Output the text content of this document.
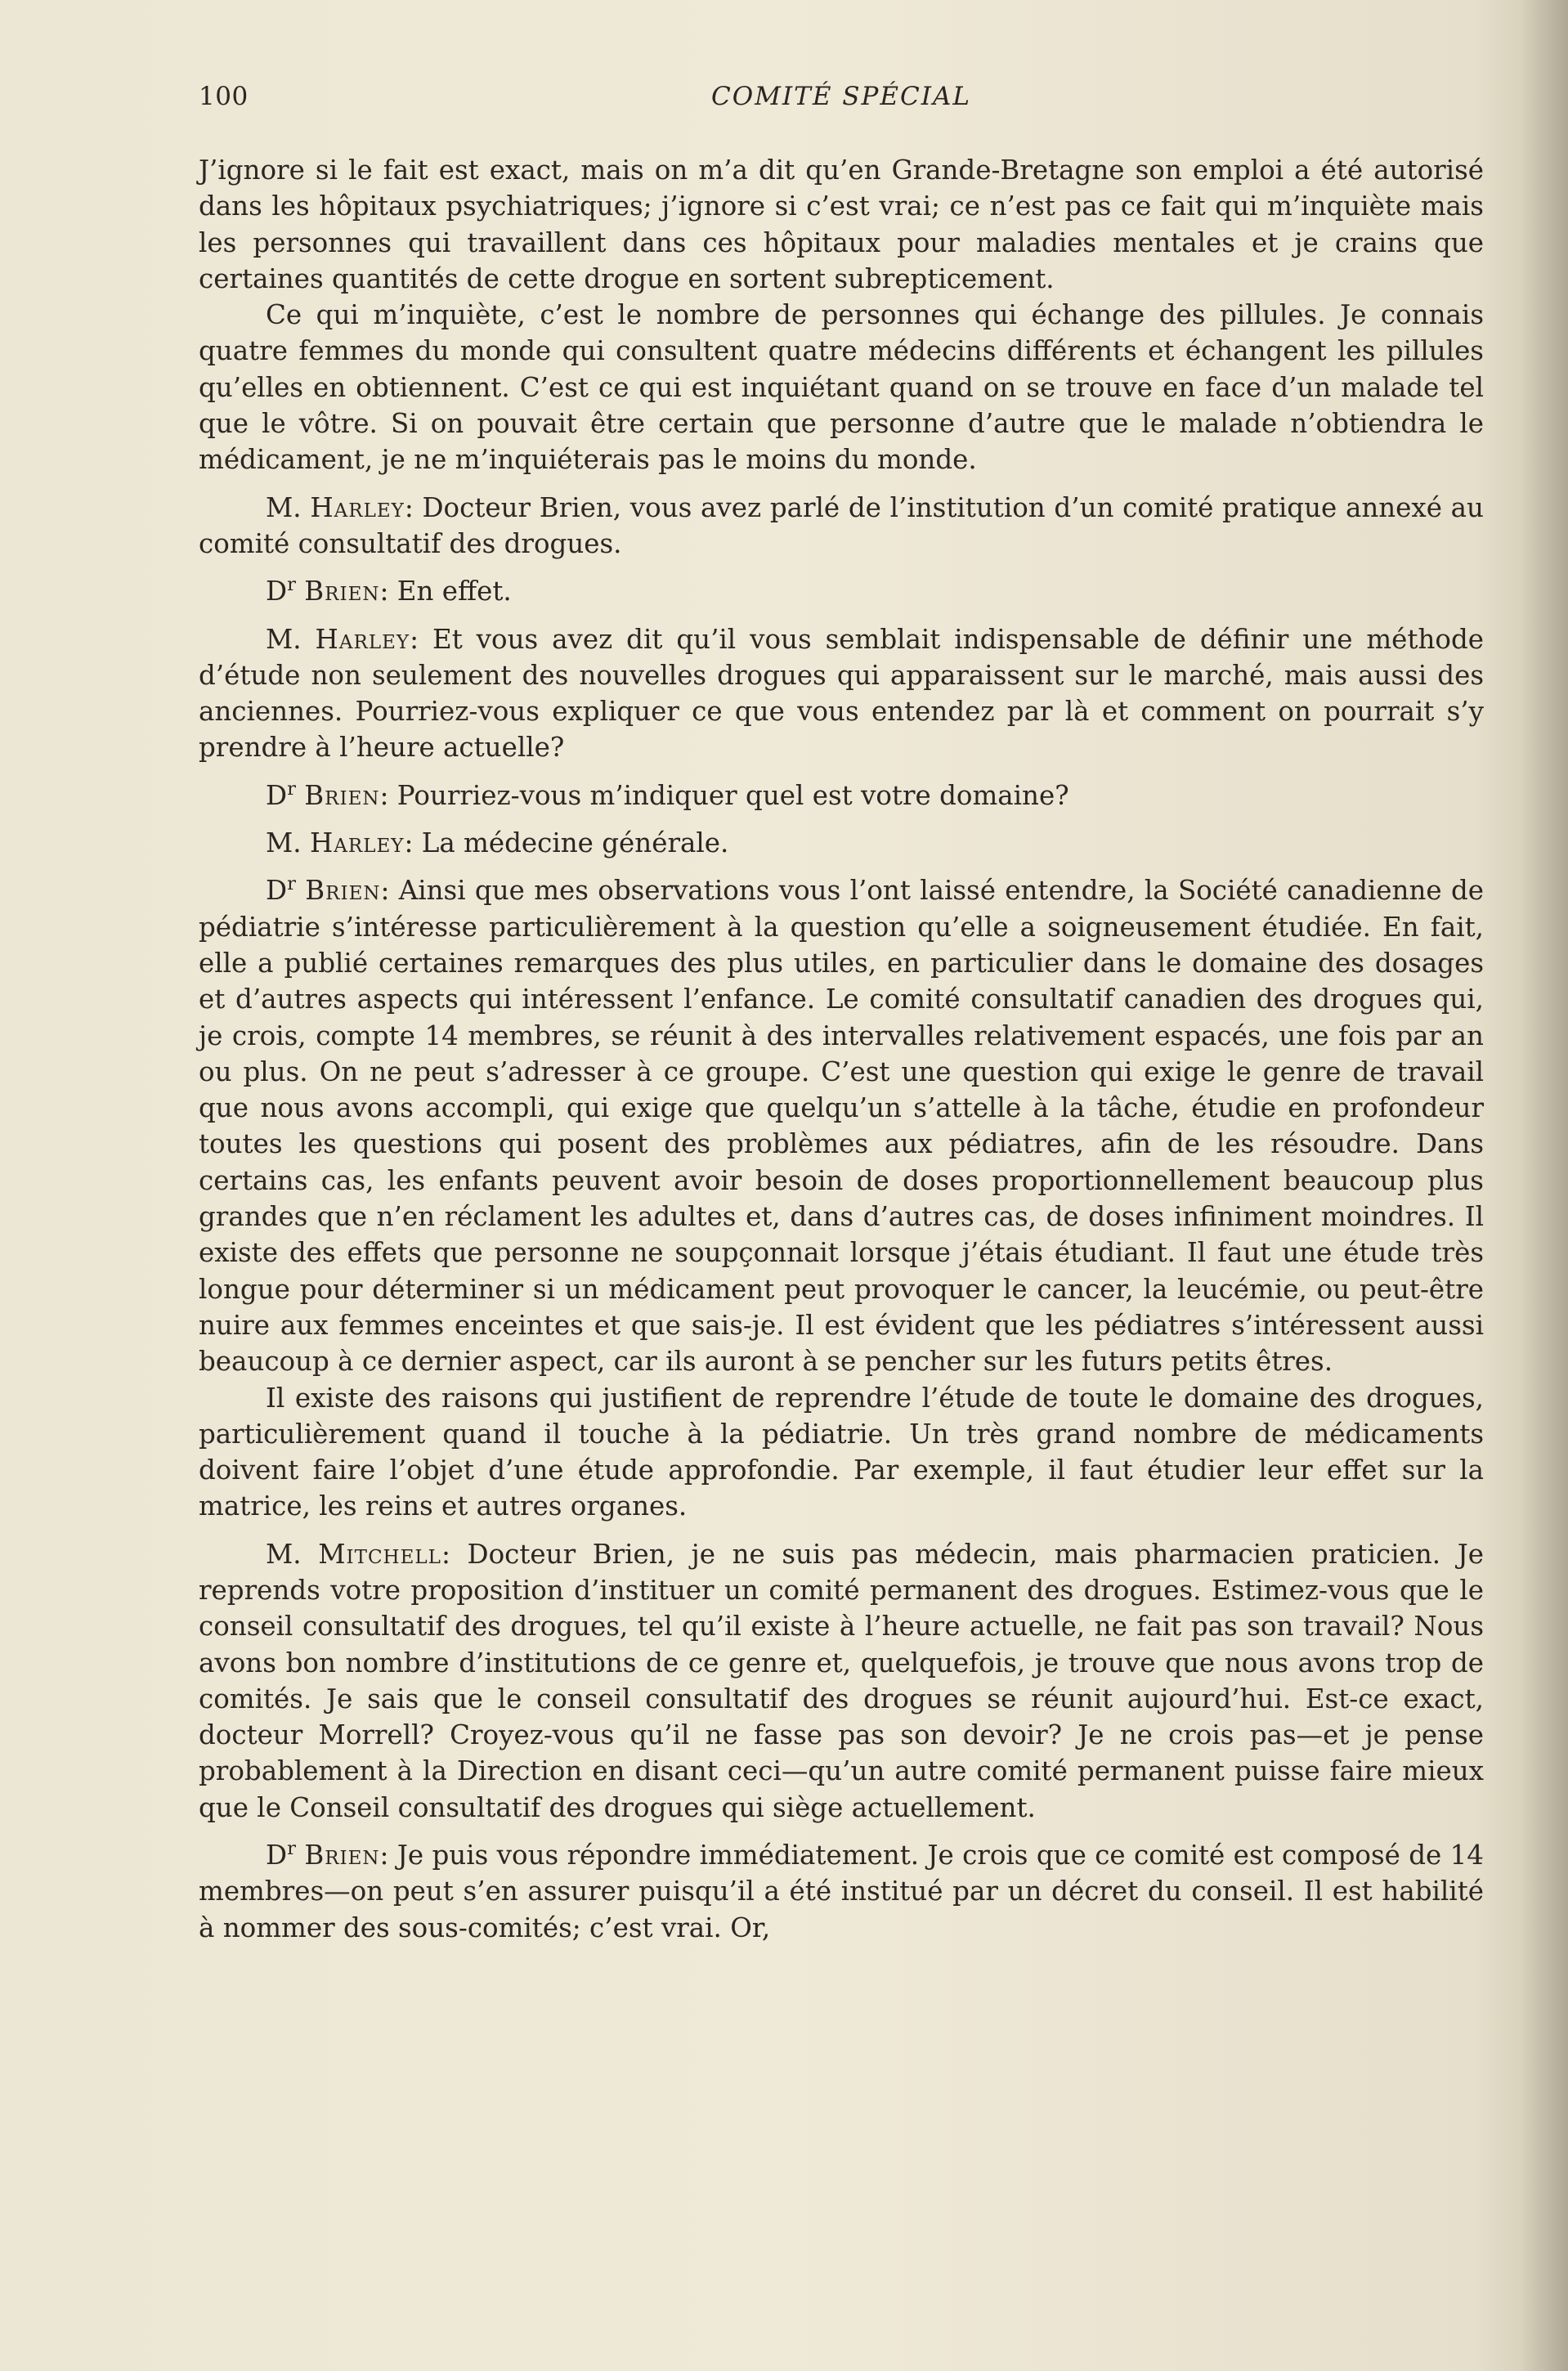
100	COMITÉ SPÉCIAL

J’ignore si le fait est exact, mais on m’a dit qu’en Grande-Bretagne son emploi a été autorisé dans les hôpitaux psychiatriques; j’ignore si c’est vrai; ce n’est pas ce fait qui m’inquiète mais les personnes qui travaillent dans ces hôpitaux pour maladies mentales et je crains que certaines quantités de cette drogue en sortent subrepticement.

Ce qui m’inquiète, c’est le nombre de personnes qui échange des pillules. Je connais quatre femmes du monde qui consultent quatre médecins différents et échangent les pillules qu’elles en obtiennent. C’est ce qui est inquiétant quand on se trouve en face d’un malade tel que le vôtre. Si on pouvait être certain que personne d’autre que le malade n’obtiendra le médicament, je ne m’inquiéterais pas le moins du monde.

M. Harley: Docteur Brien, vous avez parlé de l’institution d’un comité pratique annexé au comité consultatif des drogues.

$D^r$ Brien: En effet.

M. Harley: Et vous avez dit qu’il vous semblait indispensable de définir une méthode d’étude non seulement des nouvelles drogues qui apparaissent sur le marché, mais aussi des anciennes. Pourriez-vous expliquer ce que vous entendez par là et comment on pourrait s’y prendre à l’heure actuelle?

$D^r$ Brien: Pourriez-vous m’indiquer quel est votre domaine?

M. Harley: La médecine générale.

$D^r$ Brien: Ainsi que mes observations vous l’ont laissé entendre, la Société canadienne de pédiatrie s’intéresse particulièrement à la question qu’elle a soigneusement étudiée. En fait, elle a publié certaines remarques des plus utiles, en particulier dans le domaine des dosages et d’autres aspects qui intéressent l’enfance. Le comité consultatif canadien des drogues qui, je crois, compte 14 membres, se réunit à des intervalles relativement espacés, une fois par an ou plus. On ne peut s’adresser à ce groupe. C’est une question qui exige le genre de travail que nous avons accompli, qui exige que quelqu’un s’attelle à la tâche, étudie en profondeur toutes les questions qui posent des problèmes aux pédiatres, afin de les résoudre. Dans certains cas, les enfants peuvent avoir besoin de doses proportionnellement beaucoup plus grandes que n’en réclament les adultes et, dans d’autres cas, de doses infiniment moindres. Il existe des effets que personne ne soupçonnait lorsque j’étais étudiant. Il faut une étude très longue pour déterminer si un médicament peut provoquer le cancer, la leucémie, ou peut-être nuire aux femmes enceintes et que sais-je. Il est évident que les pédiatres s’intéressent aussi beaucoup à ce dernier aspect, car ils auront à se pencher sur les futurs petits êtres.

Il existe des raisons qui justifient de reprendre l’étude de toute le domaine des drogues, particulièrement quand il touche à la pédiatrie. Un très grand nombre de médicaments doivent faire l’objet d’une étude approfondie. Par exemple, il faut étudier leur effet sur la matrice, les reins et autres organes.

M. Mitchell: Docteur Brien, je ne suis pas médecin, mais pharmacien praticien. Je reprends votre proposition d’instituer un comité permanent des drogues. Estimez-vous que le conseil consultatif des drogues, tel qu’il existe à l’heure actuelle, ne fait pas son travail? Nous avons bon nombre d’institutions de ce genre et, quelquefois, je trouve que nous avons trop de comités. Je sais que le conseil consultatif des drogues se réunit aujourd’hui. Est-ce exact, docteur Morrell? Croyez-vous qu’il ne fasse pas son devoir? Je ne crois pas—et je pense probablement à la Direction en disant ceci—qu’un autre comité permanent puisse faire mieux que le Conseil consultatif des drogues qui siège actuellement.

$D^r$ Brien: Je puis vous répondre immédiatement. Je crois que ce comité est composé de 14 membres—on peut s’en assurer puisqu’il a été institué par un décret du conseil. Il est habilité à nommer des sous-comités; c’est vrai. Or,
